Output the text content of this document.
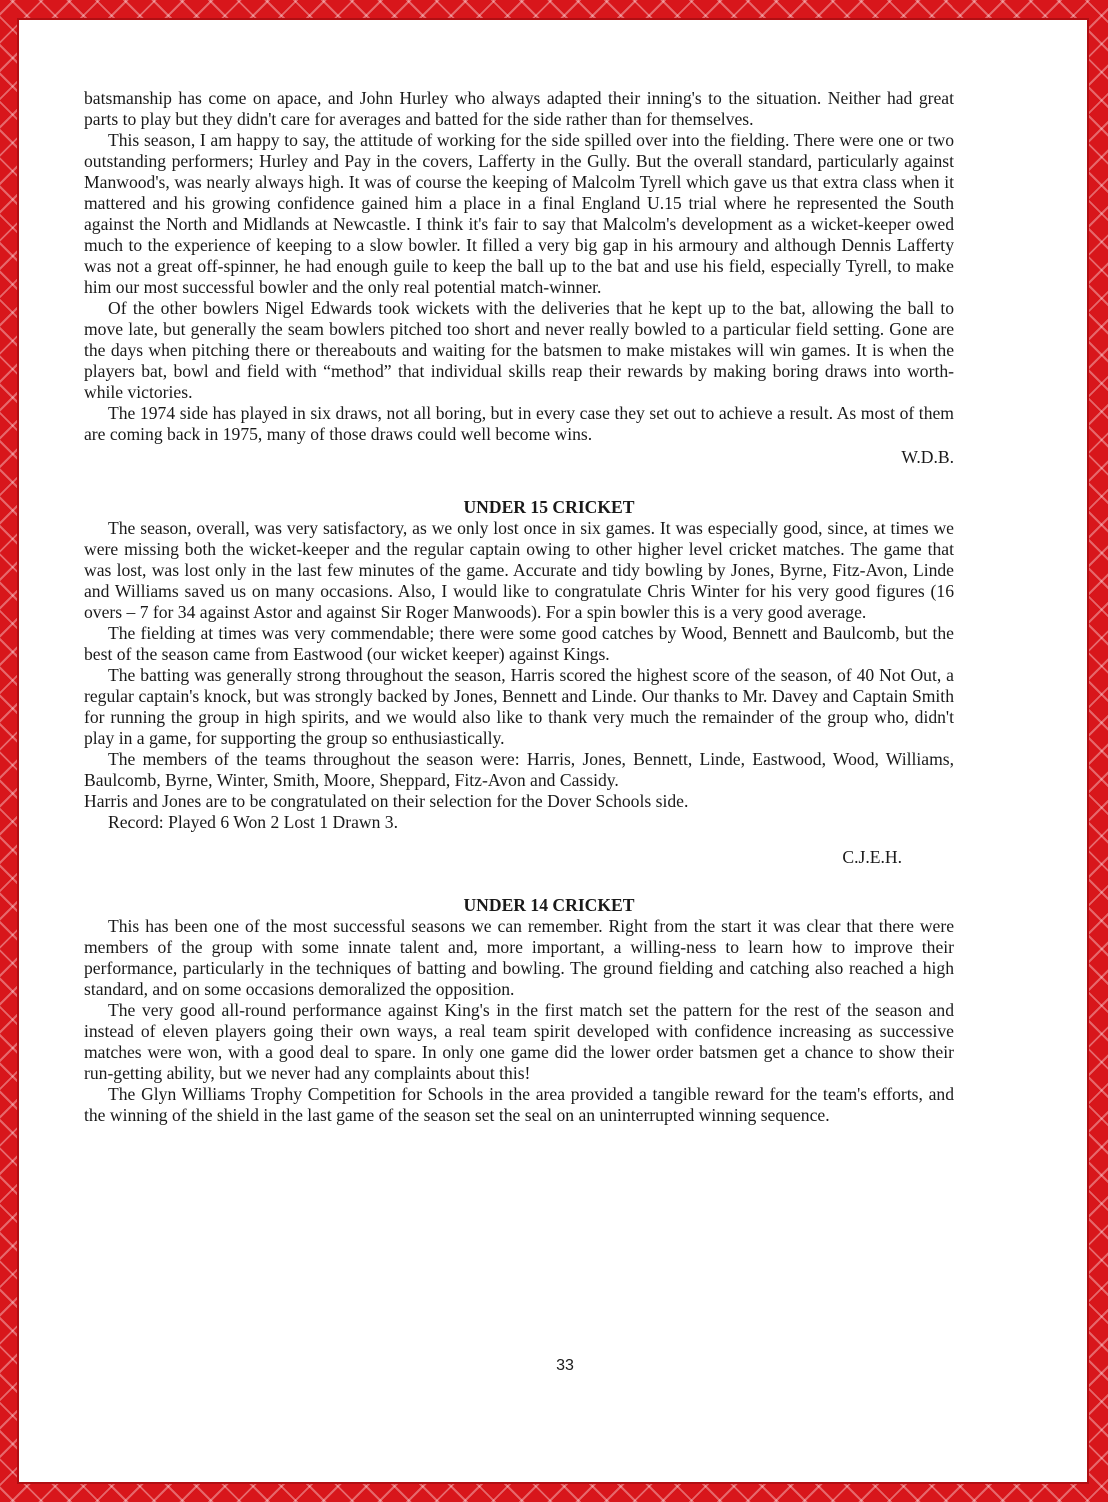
batsmanship has come on apace, and John Hurley who always adapted their inning's to the situation. Neither had great parts to play but they didn't care for averages and batted for the side rather than for themselves.

This season, I am happy to say, the attitude of working for the side spilled over into the fielding. There were one or two outstanding performers; Hurley and Pay in the covers, Lafferty in the Gully. But the overall standard, particularly against Manwood's, was nearly always high. It was of course the keeping of Malcolm Tyrell which gave us that extra class when it mattered and his growing confidence gained him a place in a final England U.15 trial where he represented the South against the North and Midlands at Newcastle. I think it's fair to say that Malcolm's development as a wicket-keeper owed much to the experience of keeping to a slow bowler. It filled a very big gap in his armoury and although Dennis Lafferty was not a great off-spinner, he had enough guile to keep the ball up to the bat and use his field, especially Tyrell, to make him our most successful bowler and the only real potential match-winner.

Of the other bowlers Nigel Edwards took wickets with the deliveries that he kept up to the bat, allowing the ball to move late, but generally the seam bowlers pitched too short and never really bowled to a particular field setting. Gone are the days when pitching there or thereabouts and waiting for the batsmen to make mistakes will win games. It is when the players bat, bowl and field with “method” that individual skills reap their rewards by making boring draws into worth-while victories.

The 1974 side has played in six draws, not all boring, but in every case they set out to achieve a result. As most of them are coming back in 1975, many of those draws could well become wins.

W.D.B.

UNDER 15 CRICKET

The season, overall, was very satisfactory, as we only lost once in six games. It was especially good, since, at times we were missing both the wicket-keeper and the regular captain owing to other higher level cricket matches. The game that was lost, was lost only in the last few minutes of the game. Accurate and tidy bowling by Jones, Byrne, Fitz-Avon, Linde and Williams saved us on many occasions. Also, I would like to congratulate Chris Winter for his very good figures (16 overs – 7 for 34 against Astor and against Sir Roger Manwoods). For a spin bowler this is a very good average.

The fielding at times was very commendable; there were some good catches by Wood, Bennett and Baulcomb, but the best of the season came from Eastwood (our wicket keeper) against Kings.

The batting was generally strong throughout the season, Harris scored the highest score of the season, of 40 Not Out, a regular captain's knock, but was strongly backed by Jones, Bennett and Linde. Our thanks to Mr. Davey and Captain Smith for running the group in high spirits, and we would also like to thank very much the remainder of the group who, didn't play in a game, for supporting the group so enthusiastically.

The members of the teams throughout the season were: Harris, Jones, Bennett, Linde, Eastwood, Wood, Williams, Baulcomb, Byrne, Winter, Smith, Moore, Sheppard, Fitz-Avon and Cassidy.

Harris and Jones are to be congratulated on their selection for the Dover Schools side.

Record: Played 6 Won 2 Lost 1 Drawn 3.

C.J.E.H.

UNDER 14 CRICKET

This has been one of the most successful seasons we can remember. Right from the start it was clear that there were members of the group with some innate talent and, more important, a willing-ness to learn how to improve their performance, particularly in the techniques of batting and bowling. The ground fielding and catching also reached a high standard, and on some occasions demoralized the opposition.

The very good all-round performance against King's in the first match set the pattern for the rest of the season and instead of eleven players going their own ways, a real team spirit developed with confidence increasing as successive matches were won, with a good deal to spare. In only one game did the lower order batsmen get a chance to show their run-getting ability, but we never had any complaints about this!

The Glyn Williams Trophy Competition for Schools in the area provided a tangible reward for the team's efforts, and the winning of the shield in the last game of the season set the seal on an uninterrupted winning sequence.

33
